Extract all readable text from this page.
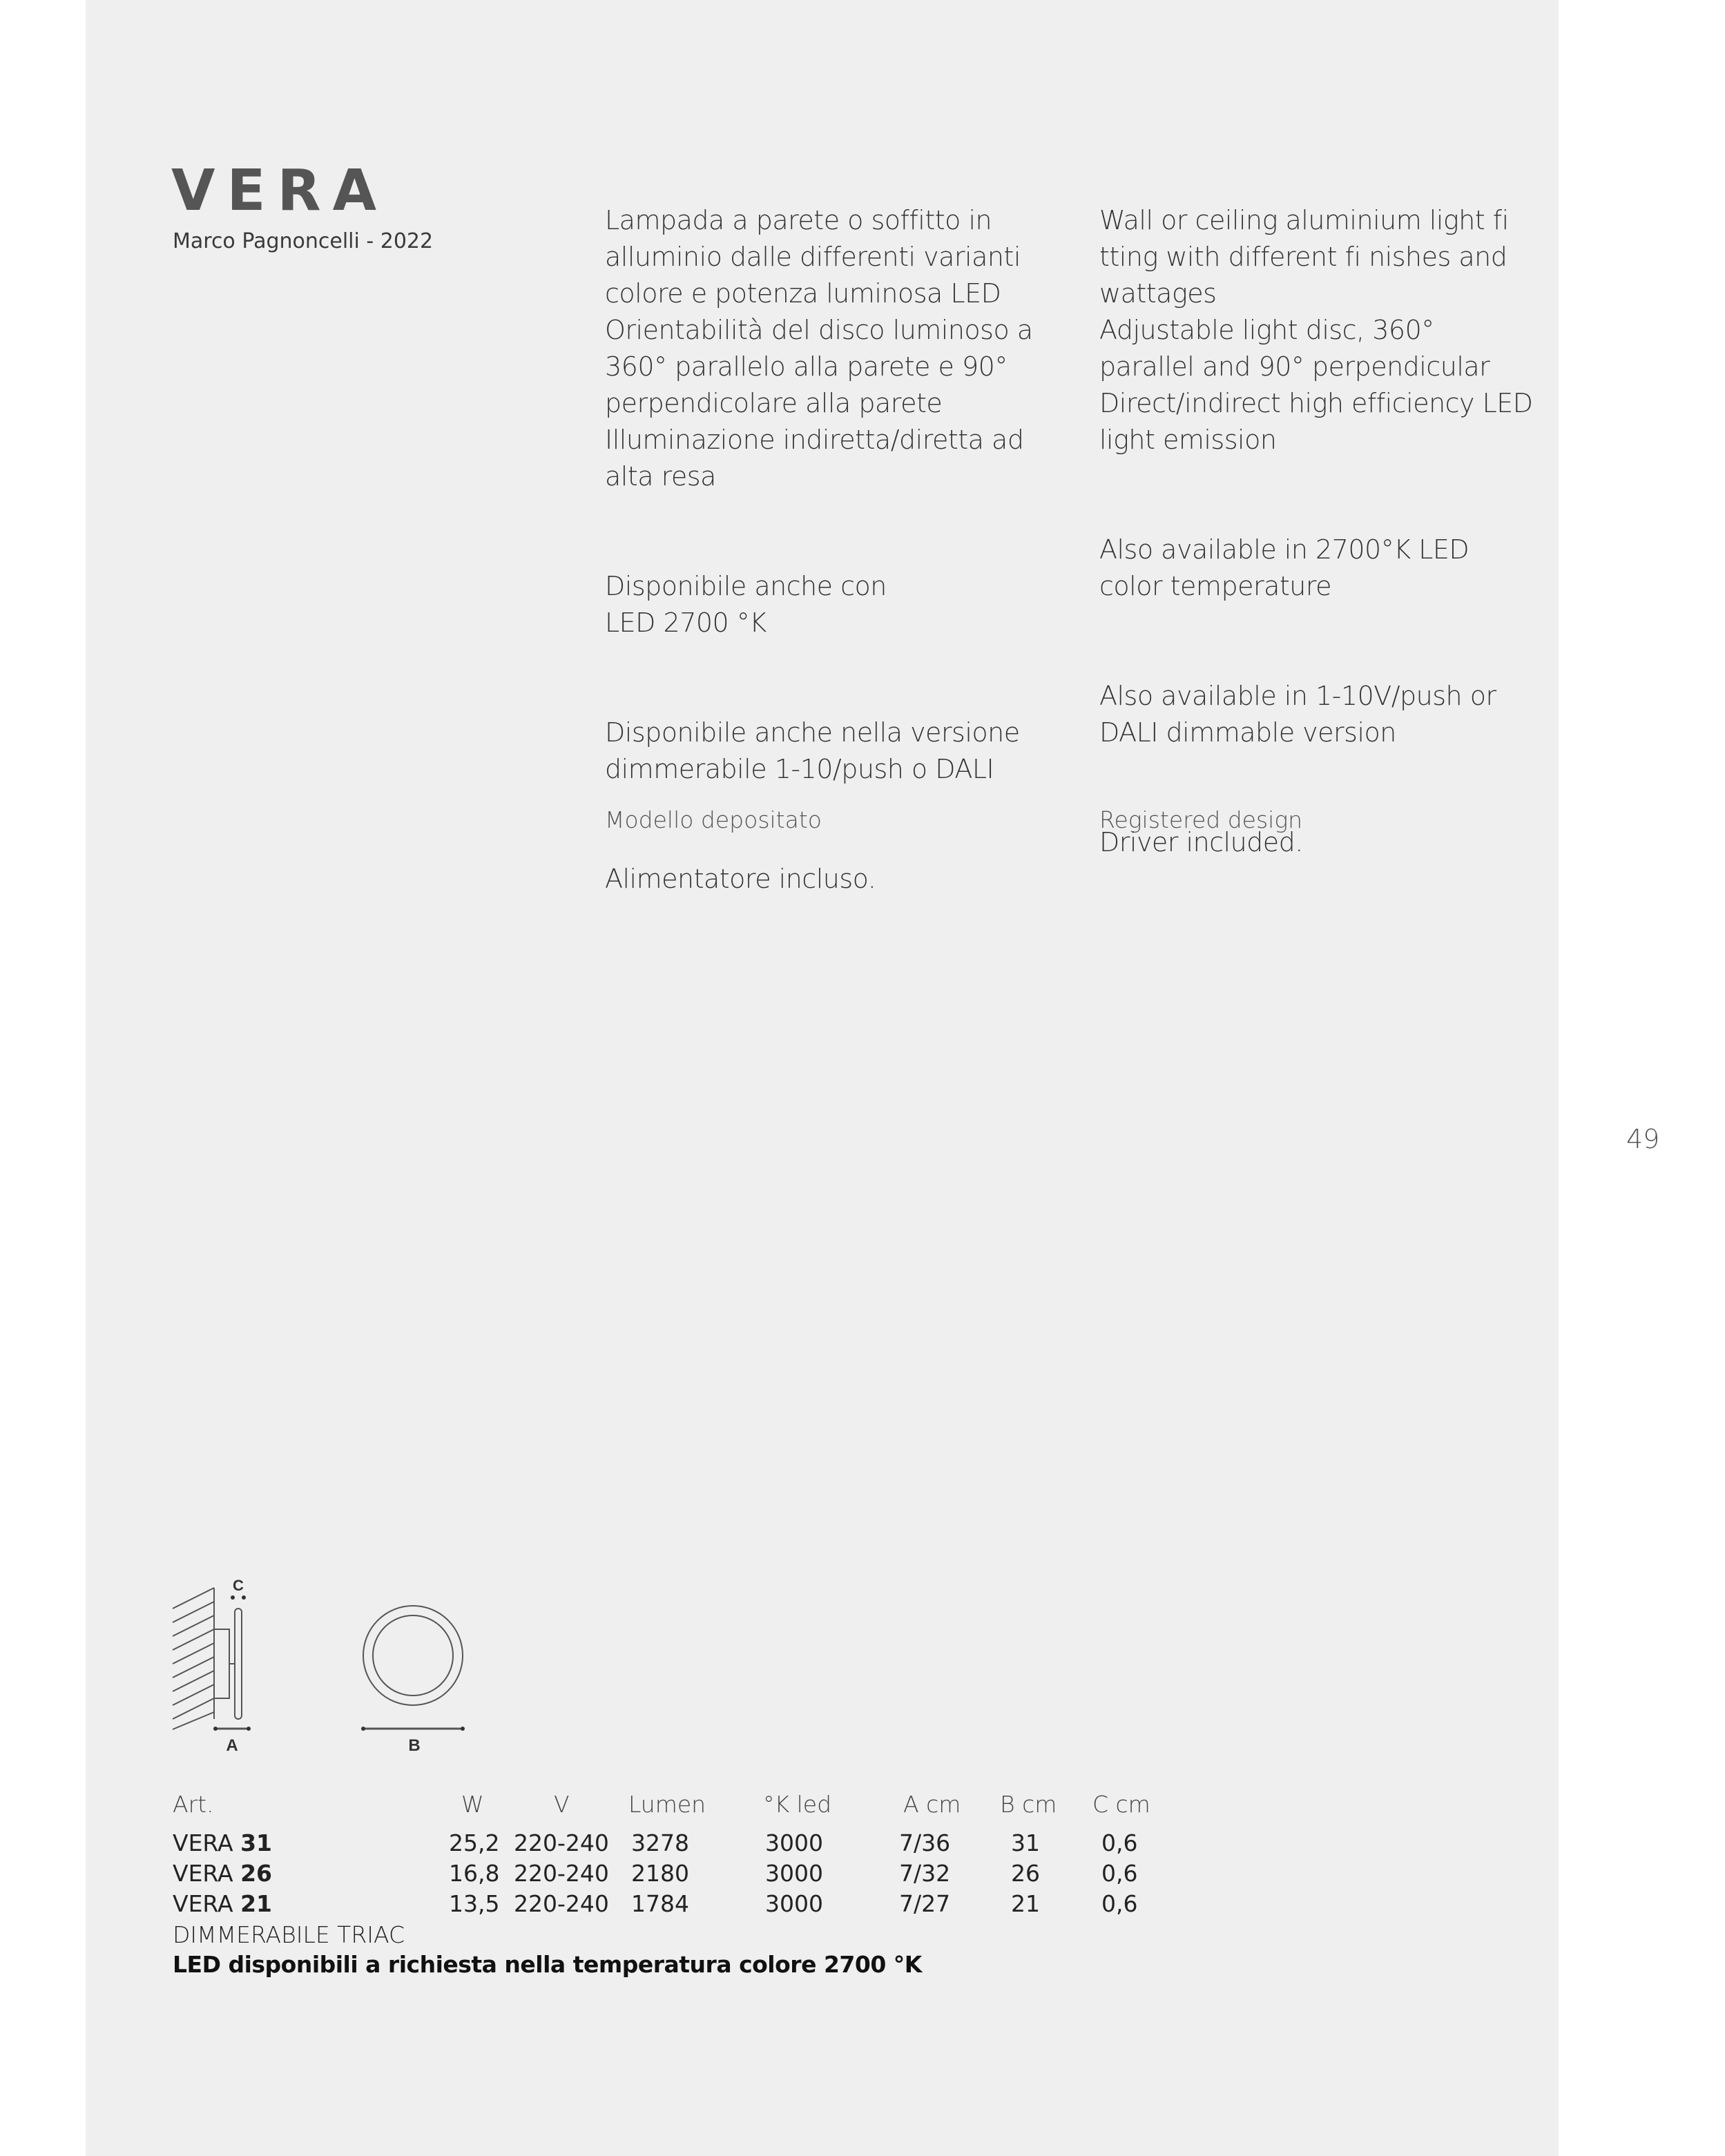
VERA
Marco Pagnoncelli - 2022

Lampada a parete o soffitto in
alluminio dalle differenti varianti
colore e potenza luminosa LED
Orientabilità del disco luminoso a
360° parallelo alla parete e 90°
perpendicolare alla parete
Illuminazione indiretta/diretta ad
alta resa

Disponibile anche con
LED 2700 °K

Disponibile anche nella versione
dimmerabile 1-10/push o DALI

Alimentatore incluso.

Wall or ceiling aluminium light fi
tting with different fi nishes and
wattages
Adjustable light disc, 360°
parallel and 90° perpendicular
Direct/indirect high efficiency LED
light emission

Also available in 2700°K LED
color temperature

Also available in 1-10V/push or
DALI dimmable version

Driver included.

Modello depositato	Registered design
49
C
A	B
Art.	W	V	Lumen	°K led	A cm B cm C cm
VERA 31	25,2 220-240 3278	3000	7/36	31	0,6
VERA 26	16,8 220-240 2180	3000	7/32	26	0,6
VERA 21	13,5 220-240 1784	3000	7/27	21	0,6
DIMMERABILE TRIAC
LED disponibili a richiesta nella temperatura colore 2700 °K
